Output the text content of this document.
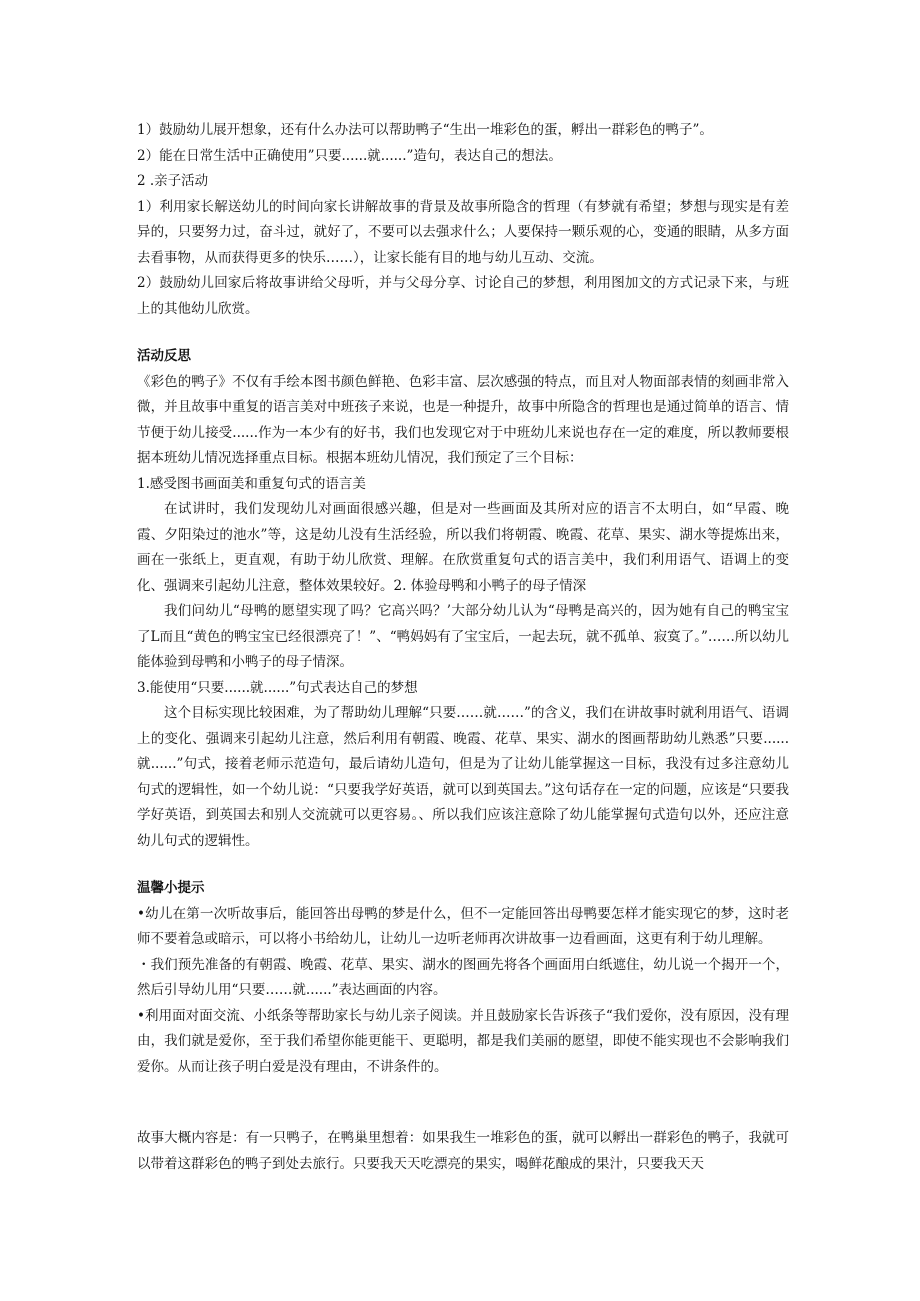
1）鼓励幼儿展开想象，还有什么办法可以帮助鸭子“生出一堆彩色的蛋，孵出一群彩色的鸭子”。

2）能在日常生活中正确使用”只要......就......”造句，表达自己的想法。

2 .亲子活动

1）利用家长解送幼儿的时间向家长讲解故事的背景及故事所隐含的哲理（有梦就有希望；梦想与现实是有差异的，只要努力过，奋斗过，就好了，不要可以去强求什么；人要保持一颗乐观的心，变通的眼睛，从多方面去看事物，从而获得更多的快乐……），让家长能有目的地与幼儿互动、交流。

2）鼓励幼儿回家后将故事讲给父母听，并与父母分享、讨论自己的梦想，利用图加文的方式记录下来，与班上的其他幼儿欣赏。

活动反思

《彩色的鸭子》不仅有手绘本图书颜色鲜艳、色彩丰富、层次感强的特点，而且对人物面部表情的刻画非常入微，并且故事中重复的语言美对中班孩子来说，也是一种提升，故事中所隐含的哲理也是通过简单的语言、情节便于幼儿接受......作为一本少有的好书，我们也发现它对于中班幼儿来说也存在一定的难度，所以教师要根据本班幼儿情况选择重点目标。根据本班幼儿情况，我们预定了三个目标：

1.感受图书画面美和重复句式的语言美

在试讲时，我们发现幼儿对画面很感兴趣，但是对一些画面及其所对应的语言不太明白，如“早霞、晚霞、夕阳染过的池水”等，这是幼儿没有生活经验，所以我们将朝霞、晚霞、花草、果实、湖水等提炼出来，画在一张纸上，更直观，有助于幼儿欣赏、理解。在欣赏重复句式的语言美中，我们利用语气、语调上的变化、强调来引起幼儿注意，整体效果较好。2. 体验母鸭和小鸭子的母子情深

我们问幼儿“母鸭的愿望实现了吗？它高兴吗？’大部分幼儿认为“母鸭是高兴的，因为她有自己的鸭宝宝了L而且“黄色的鸭宝宝已经很漂亮了！”、“鸭妈妈有了宝宝后，一起去玩，就不孤单、寂寞了。”……所以幼儿能体验到母鸭和小鸭子的母子情深。

3.能使用“只要......就......”句式表达自己的梦想

这个目标实现比较困难，为了帮助幼儿理解“只要……就……”的含义，我们在讲故事时就利用语气、语调上的变化、强调来引起幼儿注意，然后利用有朝霞、晚霞、花草、果实、湖水的图画帮助幼儿熟悉”只要......就......”句式，接着老师示范造句，最后请幼儿造句，但是为了让幼儿能掌握这一目标，我没有过多注意幼儿句式的逻辑性，如一个幼儿说：“只要我学好英语，就可以到英国去。”这句话存在一定的问题，应该是“只要我学好英语，到英国去和别人交流就可以更容易。、所以我们应该注意除了幼儿能掌握句式造句以外，还应注意幼儿句式的逻辑性。

温馨小提示

•幼儿在第一次听故事后，能回答出母鸭的梦是什么，但不一定能回答出母鸭要怎样才能实现它的梦，这时老师不要着急或暗示，可以将小书给幼儿，让幼儿一边听老师再次讲故事一边看画面，这更有利于幼儿理解。

・我们预先准备的有朝霞、晚霞、花草、果实、湖水的图画先将各个画面用白纸遮住，幼儿说一个揭开一个，然后引导幼儿用“只要……就......”表达画面的内容。

•利用面对面交流、小纸条等帮助家长与幼儿亲子阅读。并且鼓励家长告诉孩子“我们爱你，没有原因，没有理由，我们就是爱你，至于我们希望你能更能干、更聪明，都是我们美丽的愿望，即使不能实现也不会影响我们爱你。从而让孩子明白爱是没有理由，不讲条件的。

故事大概内容是：有一只鸭子，在鸭巢里想着：如果我生一堆彩色的蛋，就可以孵出一群彩色的鸭子，我就可以带着这群彩色的鸭子到处去旅行。只要我天天吃漂亮的果实，喝鲜花酿成的果汁，只要我天天
